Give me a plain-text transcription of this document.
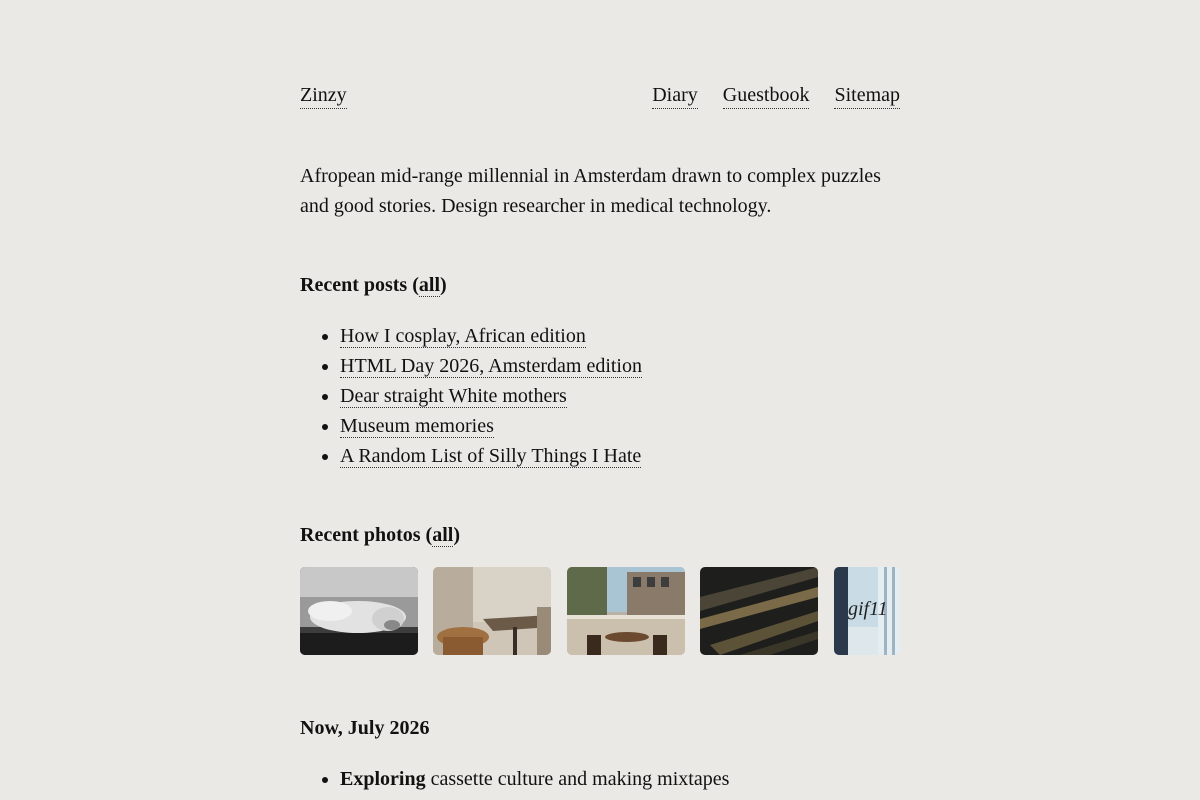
Zinzy	Diary Guestbook Sitemap

Afropean mid-range millennial in Amsterdam drawn to complex puzzles and good stories. Design researcher in medical technology.

Recent posts (all)
• How I cosplay, African edition
• HTML Day 2026, Amsterdam edition
• Dear straight White mothers
• Museum memories
• A Random List of Silly Things I Hate
Recent photos (all)
gif11
Now, July 2026
• Exploring cassette culture and making mixtapes
